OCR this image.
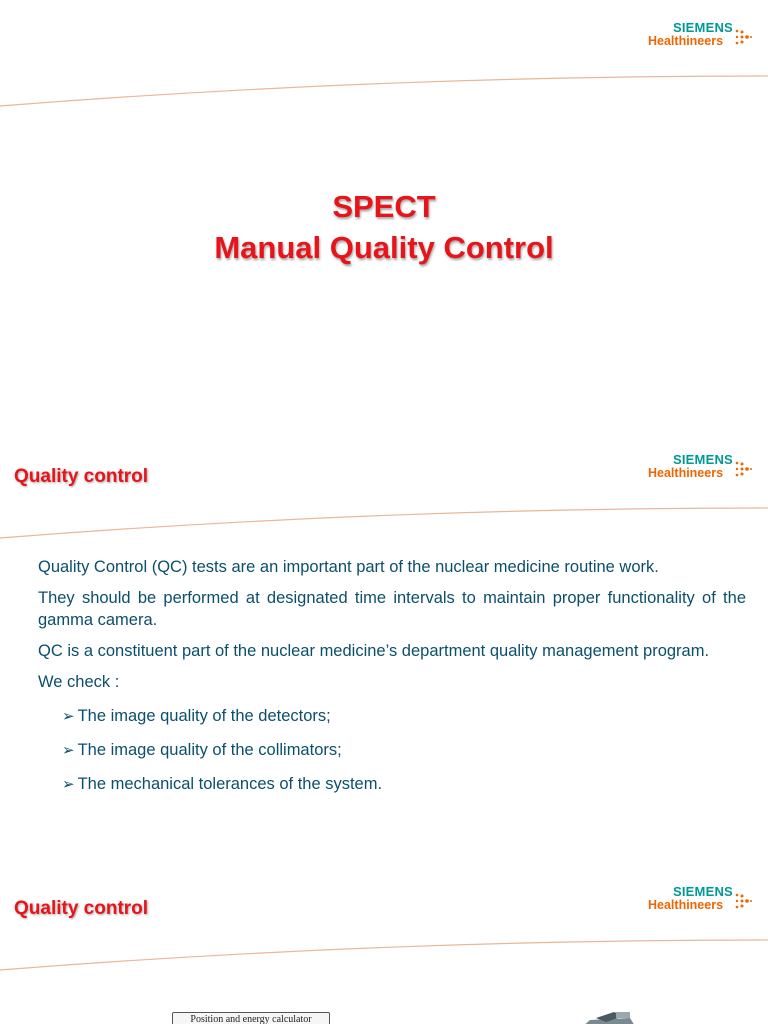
SIEMENS
Healthineers
SPECT
Manual Quality Control
SIEMENS
Healthineers
Quality control

Quality Control (QC) tests are an important part of the nuclear medicine routine work.

They should be performed at designated time intervals to maintain proper functionality of the gamma camera.

QC is a constituent part of the nuclear medicine’s department quality management program.

We check :

➢ The image quality of the detectors;
➢ The image quality of the collimators;
➢ The mechanical tolerances of the system.
SIEMENS
Healthineers
Quality control
Position and energy calculator
